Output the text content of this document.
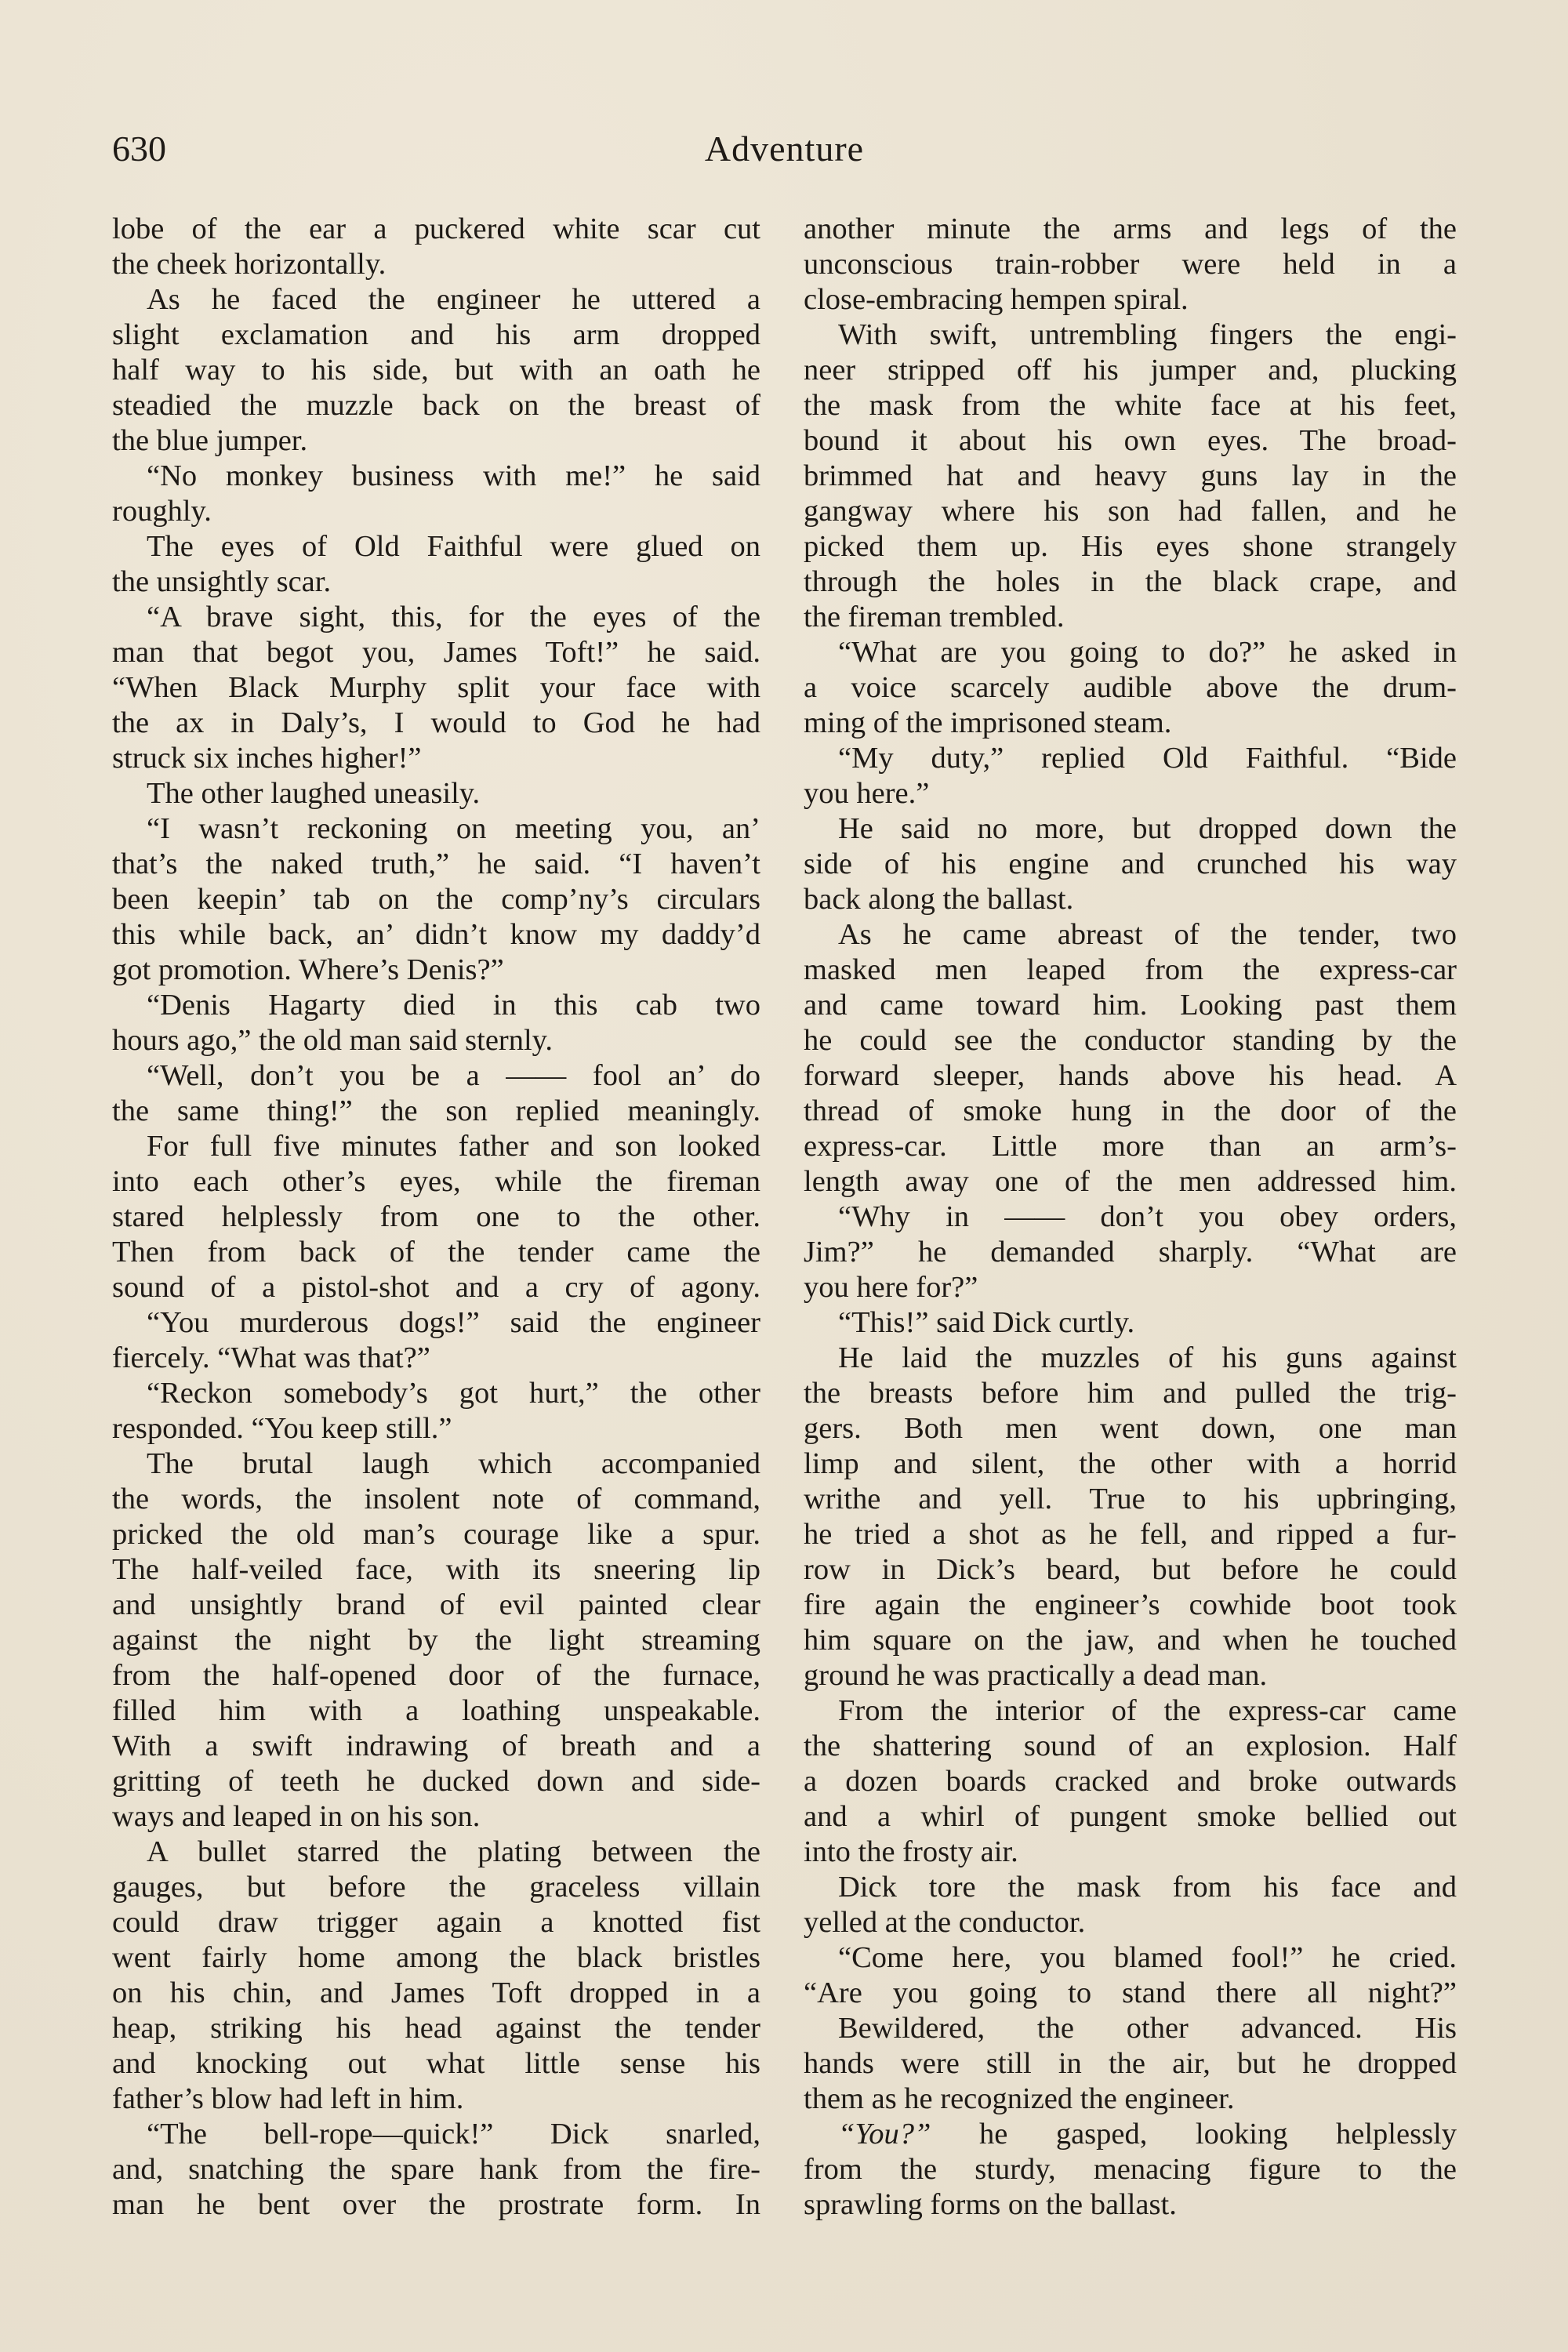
630	Adventure
lobe of the ear a puckered white scar cut
the cheek horizontally.
As he faced the engineer he uttered a
slight exclamation and his arm dropped
half way to his side, but with an oath he
steadied the muzzle back on the breast of
the blue jumper.
“No monkey business with me!” he said
roughly.
The eyes of Old Faithful were glued on
the unsightly scar.
“A brave sight, this, for the eyes of the
man that begot you, James Toft!” he said.
“When Black Murphy split your face with
the ax in Daly’s, I would to God he had
struck six inches higher!”
The other laughed uneasily.
“I wasn’t reckoning on meeting you, an’
that’s the naked truth,” he said. “I haven’t
been keepin’ tab on the comp’ny’s circulars
this while back, an’ didn’t know my daddy’d
got promotion. Where’s Denis?”
“Denis Hagarty died in this cab two
hours ago,” the old man said sternly.
“Well, don’t you be a —— fool an’ do
the same thing!” the son replied meaningly.
For full five minutes father and son looked
into each other’s eyes, while the fireman
stared helplessly from one to the other.
Then from back of the tender came the
sound of a pistol-shot and a cry of agony.
“You murderous dogs!” said the engineer
fiercely. “What was that?”
“Reckon somebody’s got hurt,” the other
responded. “You keep still.”
The brutal laugh which accompanied
the words, the insolent note of command,
pricked the old man’s courage like a spur.
The half-veiled face, with its sneering lip
and unsightly brand of evil painted clear
against the night by the light streaming
from the half-opened door of the furnace,
filled him with a loathing unspeakable.
With a swift indrawing of breath and a
gritting of teeth he ducked down and side-
ways and leaped in on his son.
A bullet starred the plating between the
gauges, but before the graceless villain
could draw trigger again a knotted fist
went fairly home among the black bristles
on his chin, and James Toft dropped in a
heap, striking his head against the tender
and knocking out what little sense his
father’s blow had left in him.
“The bell-rope—quick!” Dick snarled,
and, snatching the spare hank from the fire-
man he bent over the prostrate form. In
another minute the arms and legs of the
unconscious train-robber were held in a
close-embracing hempen spiral.
With swift, untrembling fingers the engi-
neer stripped off his jumper and, plucking
the mask from the white face at his feet,
bound it about his own eyes. The broad-
brimmed hat and heavy guns lay in the
gangway where his son had fallen, and he
picked them up. His eyes shone strangely
through the holes in the black crape, and
the fireman trembled.
“What are you going to do?” he asked in
a voice scarcely audible above the drum-
ming of the imprisoned steam.
“My duty,” replied Old Faithful. “Bide
you here.”
He said no more, but dropped down the
side of his engine and crunched his way
back along the ballast.
As he came abreast of the tender, two
masked men leaped from the express-car
and came toward him. Looking past them
he could see the conductor standing by the
forward sleeper, hands above his head. A
thread of smoke hung in the door of the
express-car. Little more than an arm’s-
length away one of the men addressed him.
“Why in —— don’t you obey orders,
Jim?” he demanded sharply. “What are
you here for?”
“This!” said Dick curtly.
He laid the muzzles of his guns against
the breasts before him and pulled the trig-
gers. Both men went down, one man
limp and silent, the other with a horrid
writhe and yell. True to his upbringing,
he tried a shot as he fell, and ripped a fur-
row in Dick’s beard, but before he could
fire again the engineer’s cowhide boot took
him square on the jaw, and when he touched
ground he was practically a dead man.
From the interior of the express-car came
the shattering sound of an explosion. Half
a dozen boards cracked and broke outwards
and a whirl of pungent smoke bellied out
into the frosty air.
Dick tore the mask from his face and
yelled at the conductor.
“Come here, you blamed fool!” he cried.
“Are you going to stand there all night?”
Bewildered, the other advanced. His
hands were still in the air, but he dropped
them as he recognized the engineer.
“You?” he gasped, looking helplessly
from the sturdy, menacing figure to the
sprawling forms on the ballast.
